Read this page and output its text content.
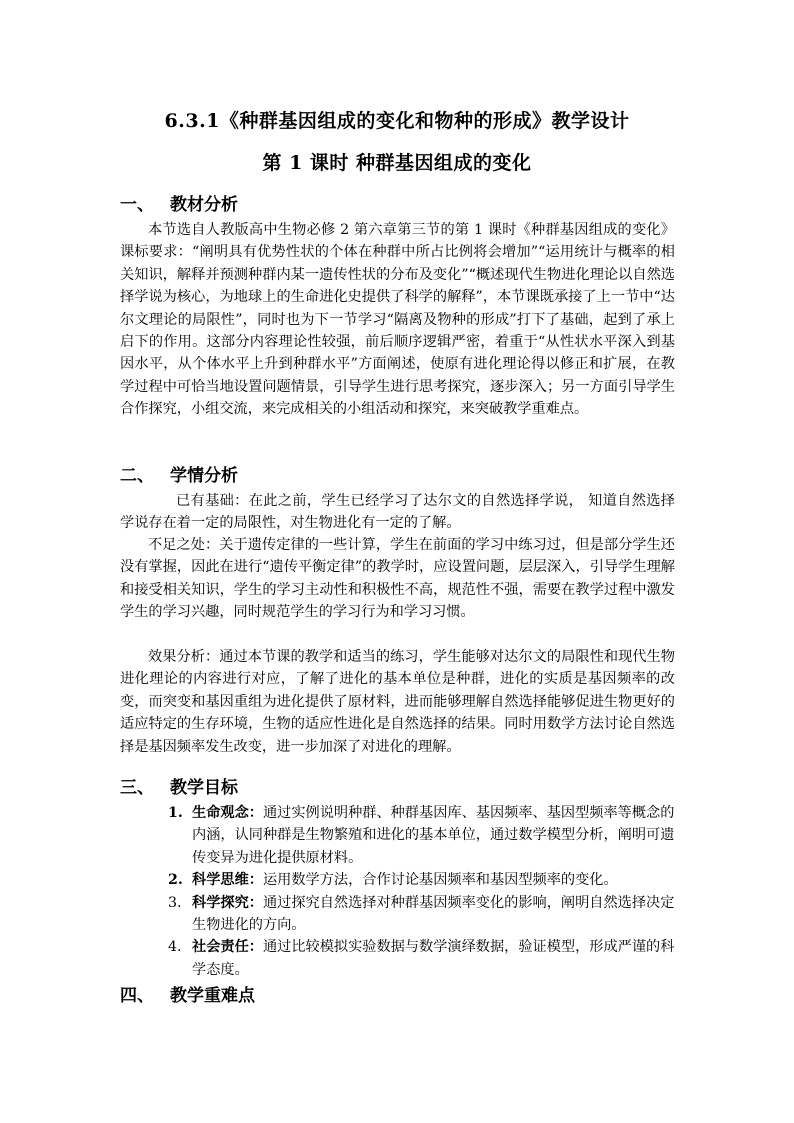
6.3.1《种群基因组成的变化和物种的形成》教学设计
第 1 课时 种群基因组成的变化
一、 教材分析

本节选自人教版高中生物必修 2 第六章第三节的第 1 课时《种群基因组成的变化》 课标要求：“阐明具有优势性状的个体在种群中所占比例将会增加”“运用统计与概率的相关知识，解释并预测种群内某一遗传性状的分布及变化”“概述现代生物进化理论以自然选择学说为核心，为地球上的生命进化史提供了科学的解释”，本节课既承接了上一节中“达尔文理论的局限性”，同时也为下一节学习“隔离及物种的形成”打下了基础，起到了承上启下的作用。这部分内容理论性较强，前后顺序逻辑严密，着重于“从性状水平深入到基因水平，从个体水平上升到种群水平”方面阐述，使原有进化理论得以修正和扩展，在教学过程中可恰当地设置问题情景，引导学生进行思考探究，逐步深入；另一方面引导学生合作探究，小组交流，来完成相关的小组活动和探究，来突破教学重难点。

二、 学情分析

已有基础：在此之前，学生已经学习了达尔文的自然选择学说， 知道自然选择学说存在着一定的局限性，对生物进化有一定的了解。

不足之处：关于遗传定律的一些计算，学生在前面的学习中练习过，但是部分学生还没有掌握，因此在进行“遗传平衡定律”的教学时，应设置问题，层层深入，引导学生理解和接受相关知识，学生的学习主动性和积极性不高，规范性不强，需要在教学过程中激发学生的学习兴趣，同时规范学生的学习行为和学习习惯。

效果分析：通过本节课的教学和适当的练习，学生能够对达尔文的局限性和现代生物进化理论的内容进行对应，了解了进化的基本单位是种群，进化的实质是基因频率的改变，而突变和基因重组为进化提供了原材料，进而能够理解自然选择能够促进生物更好的适应特定的生存环境，生物的适应性进化是自然选择的结果。同时用数学方法讨论自然选择是基因频率发生改变，进一步加深了对进化的理解。

三、 教学目标
1. 生命观念：通过实例说明种群、种群基因库、基因频率、基因型频率等概念的内涵，认同种群是生物繁殖和进化的基本单位，通过数学模型分析，阐明可遗传变异为进化提供原材料。
2. 科学思维：运用数学方法，合作讨论基因频率和基因型频率的变化。
3. 科学探究：通过探究自然选择对种群基因频率变化的影响，阐明自然选择决定生物进化的方向。
4. 社会责任：通过比较模拟实验数据与数学演绎数据，验证模型，形成严谨的科学态度。
四、 教学重难点
